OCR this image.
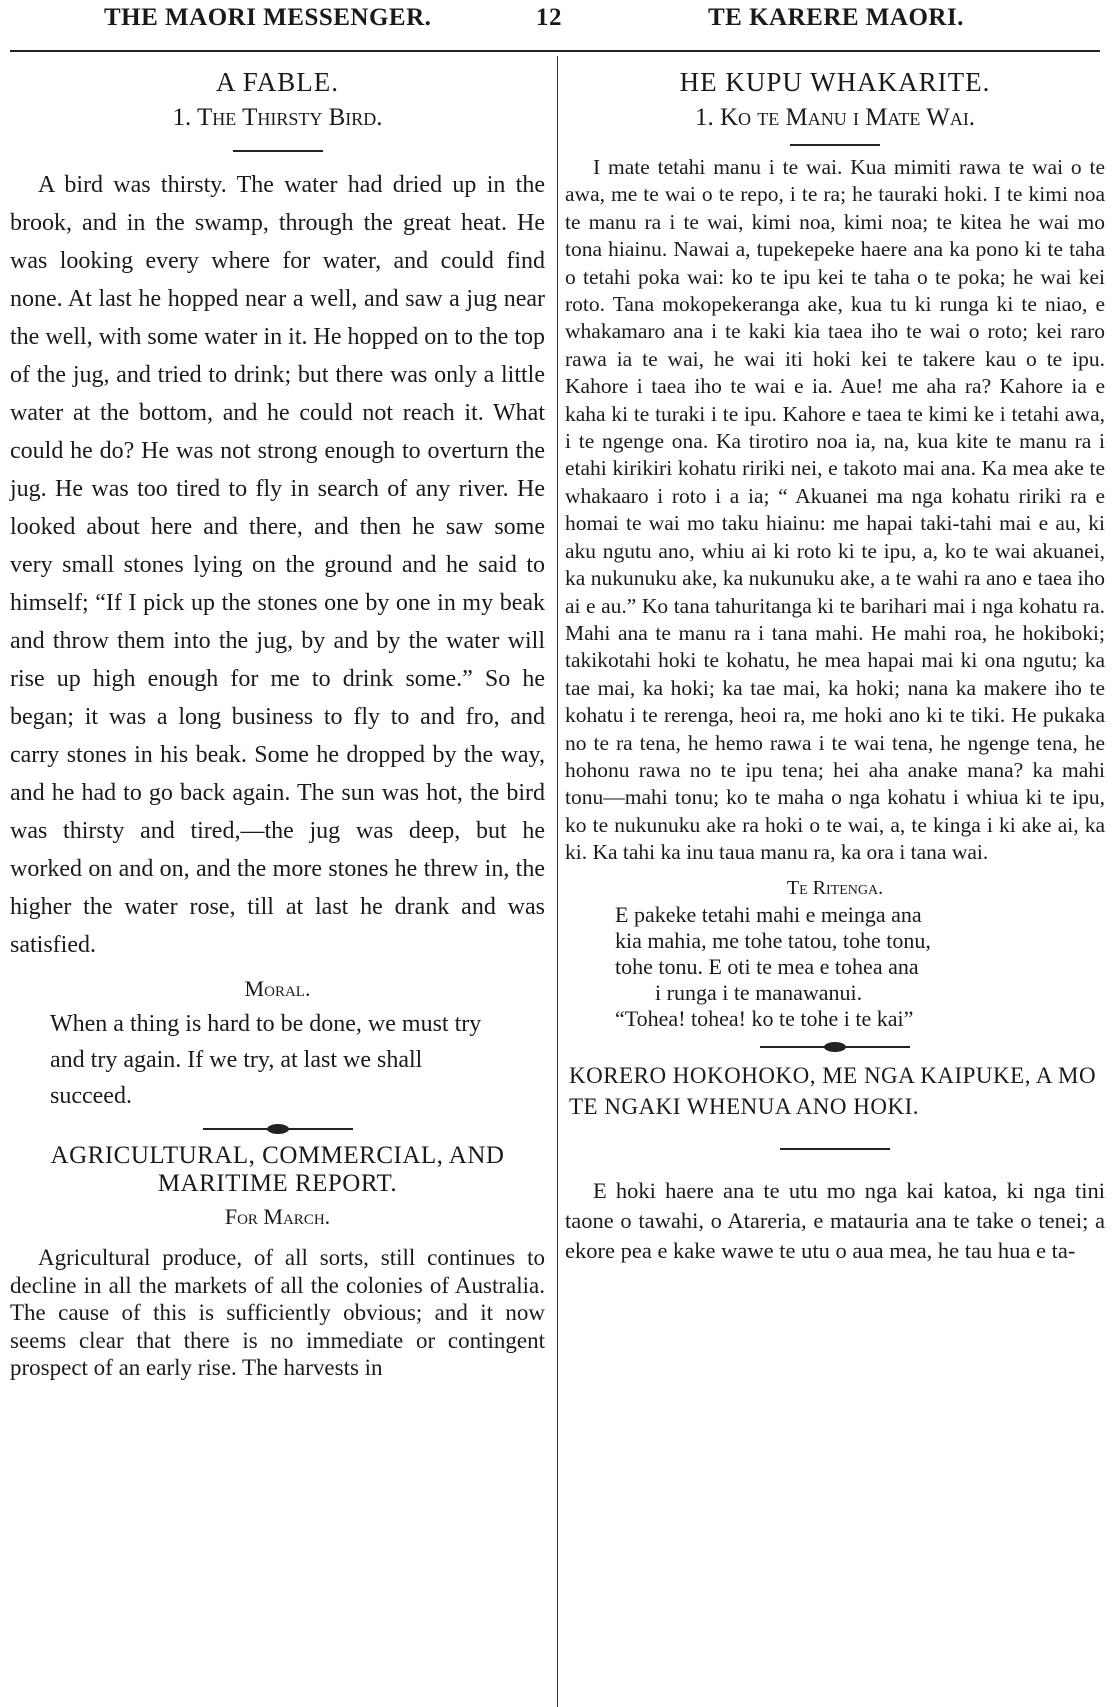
THE MAORI MESSENGER.	12	TE KARERE MAORI.
A FABLE.
1. The Thirsty Bird.

A bird was thirsty. The water had dried up in the brook, and in the swamp, through the great heat. He was looking every where for water, and could find none. At last he hopped near a well, and saw a jug near the well, with some water in it. He hopped on to the top of the jug, and tried to drink; but there was only a little water at the bottom, and he could not reach it. What could he do? He was not strong enough to overturn the jug. He was too tired to fly in search of any river. He looked about here and there, and then he saw some very small stones lying on the ground and he said to himself; “If I pick up the stones one by one in my beak and throw them into the jug, by and by the water will rise up high enough for me to drink some.” So he began; it was a long business to fly to and fro, and carry stones in his beak. Some he dropped by the way, and he had to go back again. The sun was hot, the bird was thirsty and tired,—the jug was deep, but he worked on and on, and the more stones he threw in, the higher the water rose, till at last he drank and was satisfied.

Moral.

When a thing is hard to be done, we must try and try again. If we try, at last we shall succeed.

AGRICULTURAL, COMMERCIAL, AND MARITIME REPORT.
For March.

Agricultural produce, of all sorts, still continues to decline in all the markets of all the colonies of Australia. The cause of this is sufficiently obvious; and it now seems clear that there is no immediate or contingent prospect of an early rise. The harvests in

HE KUPU WHAKARITE.
1. Ko te Manu i Mate Wai.

I mate tetahi manu i te wai. Kua mimiti rawa te wai o te awa, me te wai o te repo, i te ra; he tauraki hoki. I te kimi noa te manu ra i te wai, kimi noa, kimi noa; te kitea he wai mo tona hiainu. Nawai a, tupekepeke haere ana ka pono ki te taha o tetahi poka wai: ko te ipu kei te taha o te poka; he wai kei roto. Tana mokopekeranga ake, kua tu ki runga ki te niao, e whakamaro ana i te kaki kia taea iho te wai o roto; kei raro rawa ia te wai, he wai iti hoki kei te takere kau o te ipu. Kahore i taea iho te wai e ia. Aue! me aha ra? Kahore ia e kaha ki te turaki i te ipu. Kahore e taea te kimi ke i tetahi awa, i te ngenge ona. Ka tirotiro noa ia, na, kua kite te manu ra i etahi kirikiri kohatu ririki nei, e takoto mai ana. Ka mea ake te whakaaro i roto i a ia; “ Akuanei ma nga kohatu ririki ra e homai te wai mo taku hiainu: me hapai taki-tahi mai e au, ki aku ngutu ano, whiu ai ki roto ki te ipu, a, ko te wai akuanei, ka nukunuku ake, ka nukunuku ake, a te wahi ra ano e taea iho ai e au.” Ko tana tahuritanga ki te barihari mai i nga kohatu ra. Mahi ana te manu ra i tana mahi. He mahi roa, he hokiboki; takikotahi hoki te kohatu, he mea hapai mai ki ona ngutu; ka tae mai, ka hoki; ka tae mai, ka hoki; nana ka makere iho te kohatu i te rerenga, heoi ra, me hoki ano ki te tiki. He pukaka no te ra tena, he hemo rawa i te wai tena, he ngenge tena, he hohonu rawa no te ipu tena; hei aha anake mana? ka mahi tonu—mahi tonu; ko te maha o nga kohatu i whiua ki te ipu, ko te nukunuku ake ra hoki o te wai, a, te kinga i ki ake ai, ka ki. Ka tahi ka inu taua manu ra, ka ora i tana wai.

Te Ritenga.
E pakeke tetahi mahi e meinga ana
kia mahia, me tohe tatou, tohe tonu,
tohe tonu. E oti te mea e tohea ana
i runga i te manawanui.
“Tohea! tohea! ko te tohe i te kai”
KORERO HOKOHOKO, ME NGA KAIPUKE, A MO TE NGAKI WHENUA ANO HOKI.

E hoki haere ana te utu mo nga kai katoa, ki nga tini taone o tawahi, o Atareria, e matauria ana te take o tenei; a ekore pea e kake wawe te utu o aua mea, he tau hua e ta-
